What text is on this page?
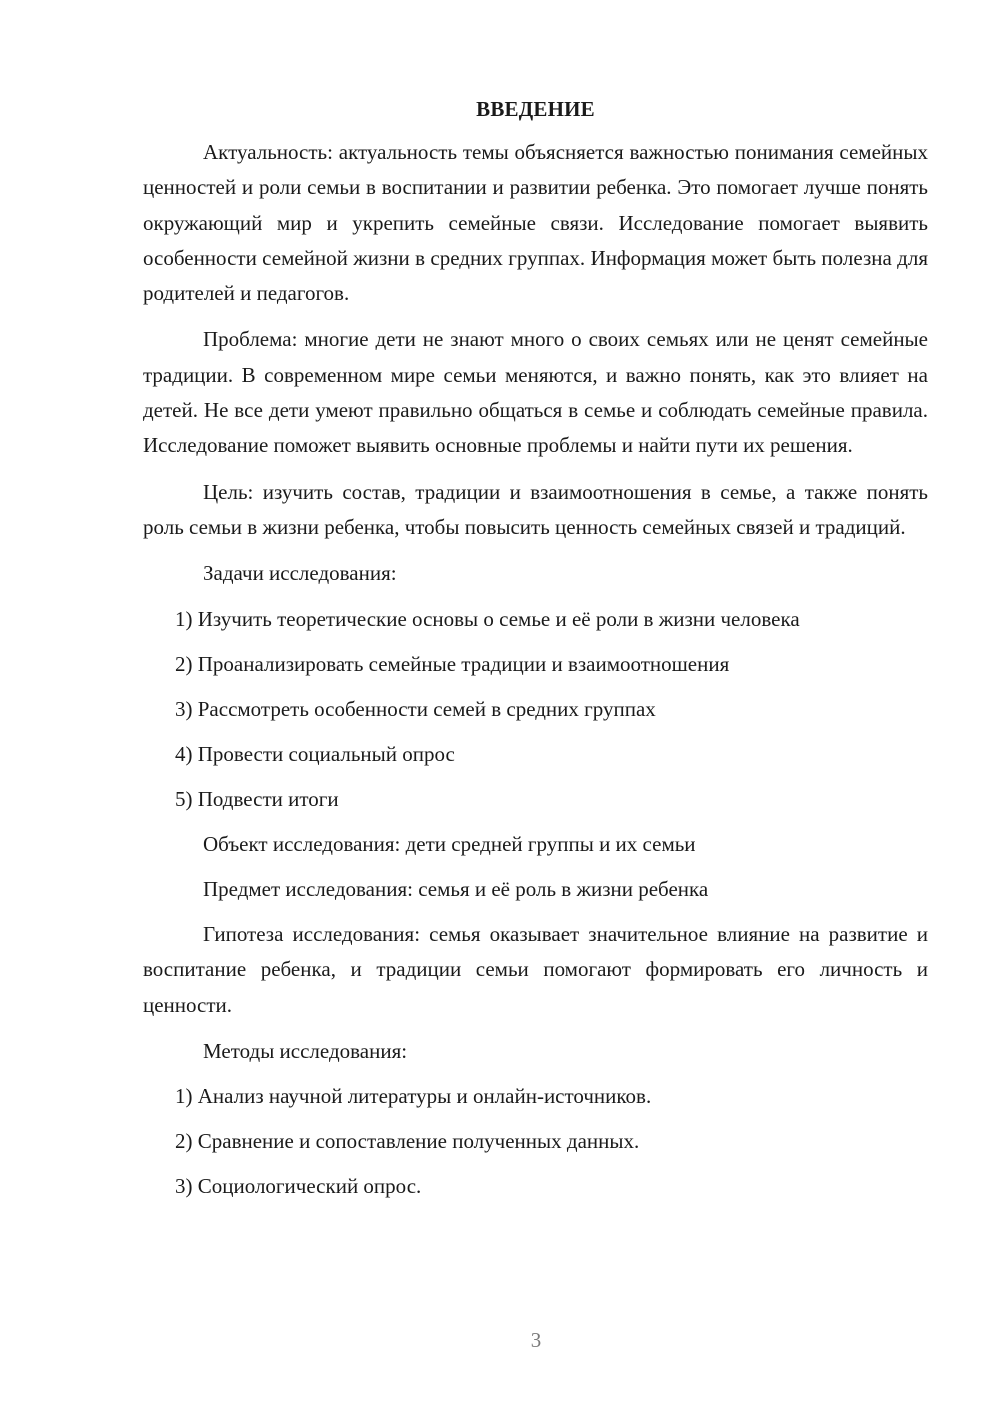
ВВЕДЕНИЕ

Актуальность: актуальность темы объясняется важностью понимания семейных ценностей и роли семьи в воспитании и развитии ребенка. Это помогает лучше понять окружающий мир и укрепить семейные связи. Исследование помогает выявить особенности семейной жизни в средних группах. Информация может быть полезна для родителей и педагогов.

Проблема: многие дети не знают много о своих семьях или не ценят семейные традиции. В современном мире семьи меняются, и важно понять, как это влияет на детей. Не все дети умеют правильно общаться в семье и соблюдать семейные правила. Исследование поможет выявить основные проблемы и найти пути их решения.

Цель: изучить состав, традиции и взаимоотношения в семье, а также понять роль семьи в жизни ребенка, чтобы повысить ценность семейных связей и традиций.

Задачи исследования:

1) Изучить теоретические основы о семье и её роли в жизни человека
2) Проанализировать семейные традиции и взаимоотношения
3) Рассмотреть особенности семей в средних группах
4) Провести социальный опрос
5) Подвести итоги

Объект исследования: дети средней группы и их семьи

Предмет исследования: семья и её роль в жизни ребенка

Гипотеза исследования: семья оказывает значительное влияние на развитие и воспитание ребенка, и традиции семьи помогают формировать его личность и ценности.

Методы исследования:

1) Анализ научной литературы и онлайн-источников.
2) Сравнение и сопоставление полученных данных.
3) Социологический опрос.
3
